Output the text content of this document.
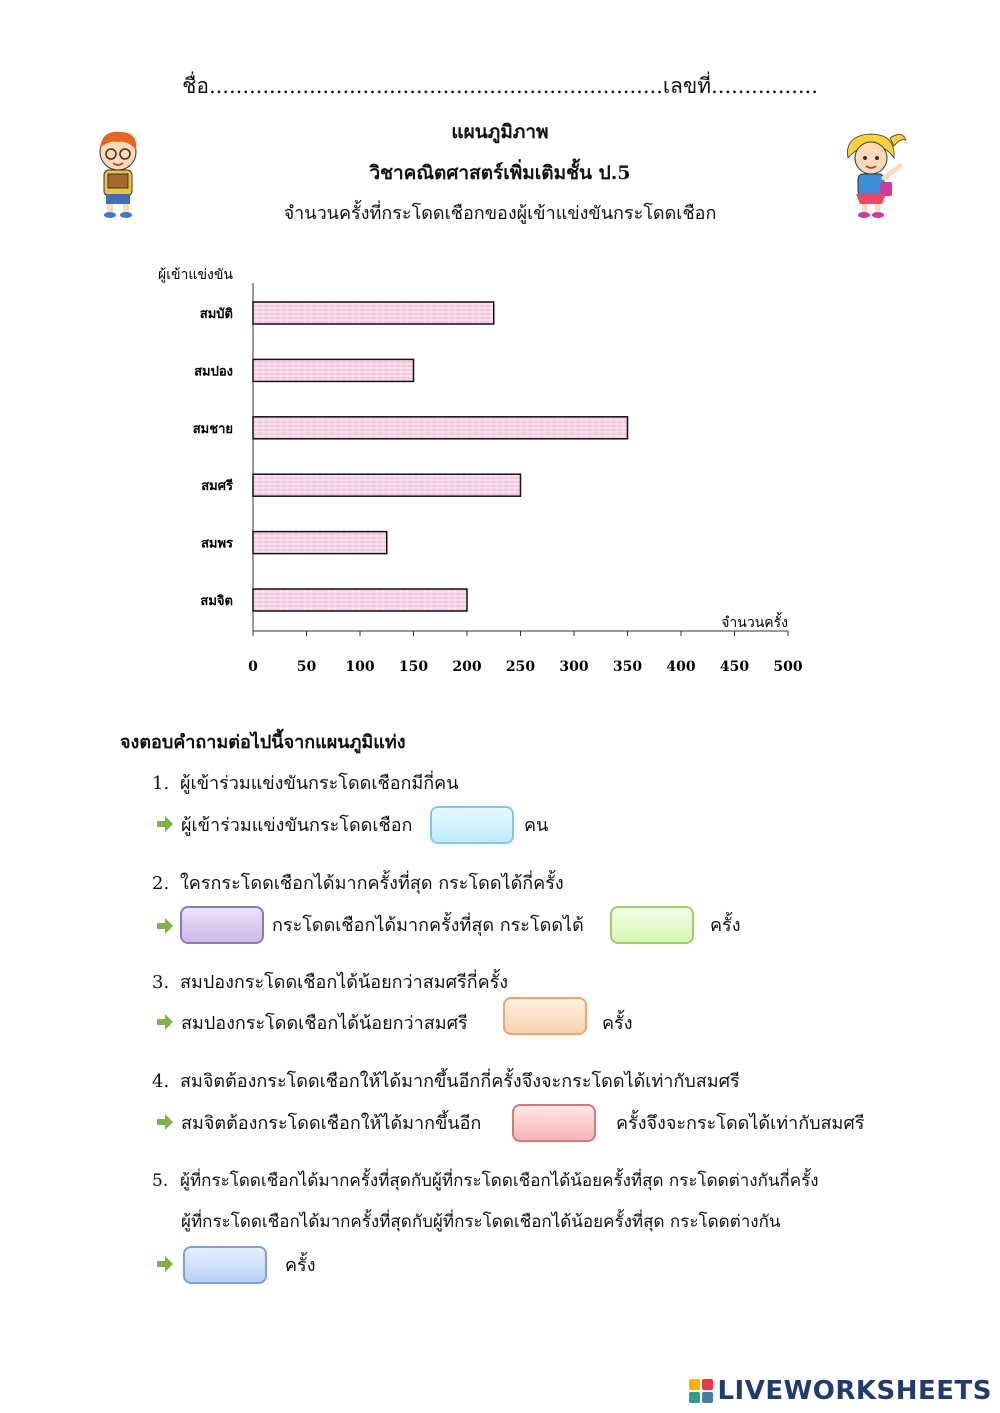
ชื่อ....................................................................เลขที่................
แผนภูมิภาพ
วิชาคณิตศาสตร์เพิ่มเติมชั้น ป.5
จำนวนครั้งที่กระโดดเชือกของผู้เข้าแข่งขันกระโดดเชือก
ผู้เข้าแข่งขัน
จำนวนครั้ง
สมบัติ
สมปอง
สมชาย
สมศรี
สมพร
สมจิต
0	50 100 150 200 250 300 350 400 450 500
จงตอบคำถามต่อไปนี้จากแผนภูมิแท่ง
1. ผู้เข้าร่วมแข่งขันกระโดดเชือกมีกี่คน
ผู้เข้าร่วมแข่งขันกระโดดเชือก	คน
2. ใครกระโดดเชือกได้มากครั้งที่สุด กระโดดได้กี่ครั้ง
กระโดดเชือกได้มากครั้งที่สุด กระโดดได้	ครั้ง
3. สมปองกระโดดเชือกได้น้อยกว่าสมศรีกี่ครั้ง
สมปองกระโดดเชือกได้น้อยกว่าสมศรี	ครั้ง
4. สมจิตต้องกระโดดเชือกให้ได้มากขึ้นอีกกี่ครั้งจึงจะกระโดดได้เท่ากับสมศรี
สมจิตต้องกระโดดเชือกให้ได้มากขึ้นอีก	ครั้งจึงจะกระโดดได้เท่ากับสมศรี
5. ผู้ที่กระโดดเชือกได้มากครั้งที่สุดกับผู้ที่กระโดดเชือกได้น้อยครั้งที่สุด กระโดดต่างกันกี่ครั้ง
ผู้ที่กระโดดเชือกได้มากครั้งที่สุดกับผู้ที่กระโดดเชือกได้น้อยครั้งที่สุด กระโดดต่างกัน
ครั้ง
LIVEWORKSHEETS
